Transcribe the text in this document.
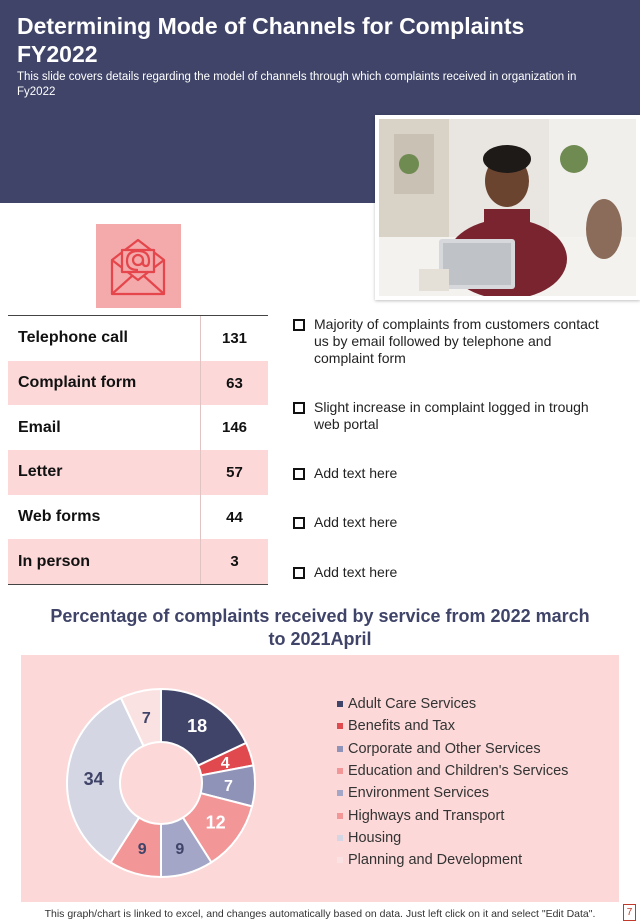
Determining Mode of Channels for Complaints FY2022
This slide covers details regarding the model of channels through which complaints received in organization in Fy2022
Telephone call	131
Complaint form	63
Email	146
Letter	57
Web forms	44
In person	3
Majority of complaints from customers contact us by email followed by telephone and complaint form
Slight increase in complaint logged in trough web portal
Add text here
Add text here
Add text here
Percentage of complaints received by service from 2022 march to 2021April
18
4
7
12
9
9
34
7
Adult Care Services
Benefits and Tax
Corporate and Other Services
Education and Children's Services
Environment Services
Highways and Transport
Housing
Planning and Development
This graph/chart is linked to excel, and changes automatically based on data. Just left click on it and select "Edit Data".	7
